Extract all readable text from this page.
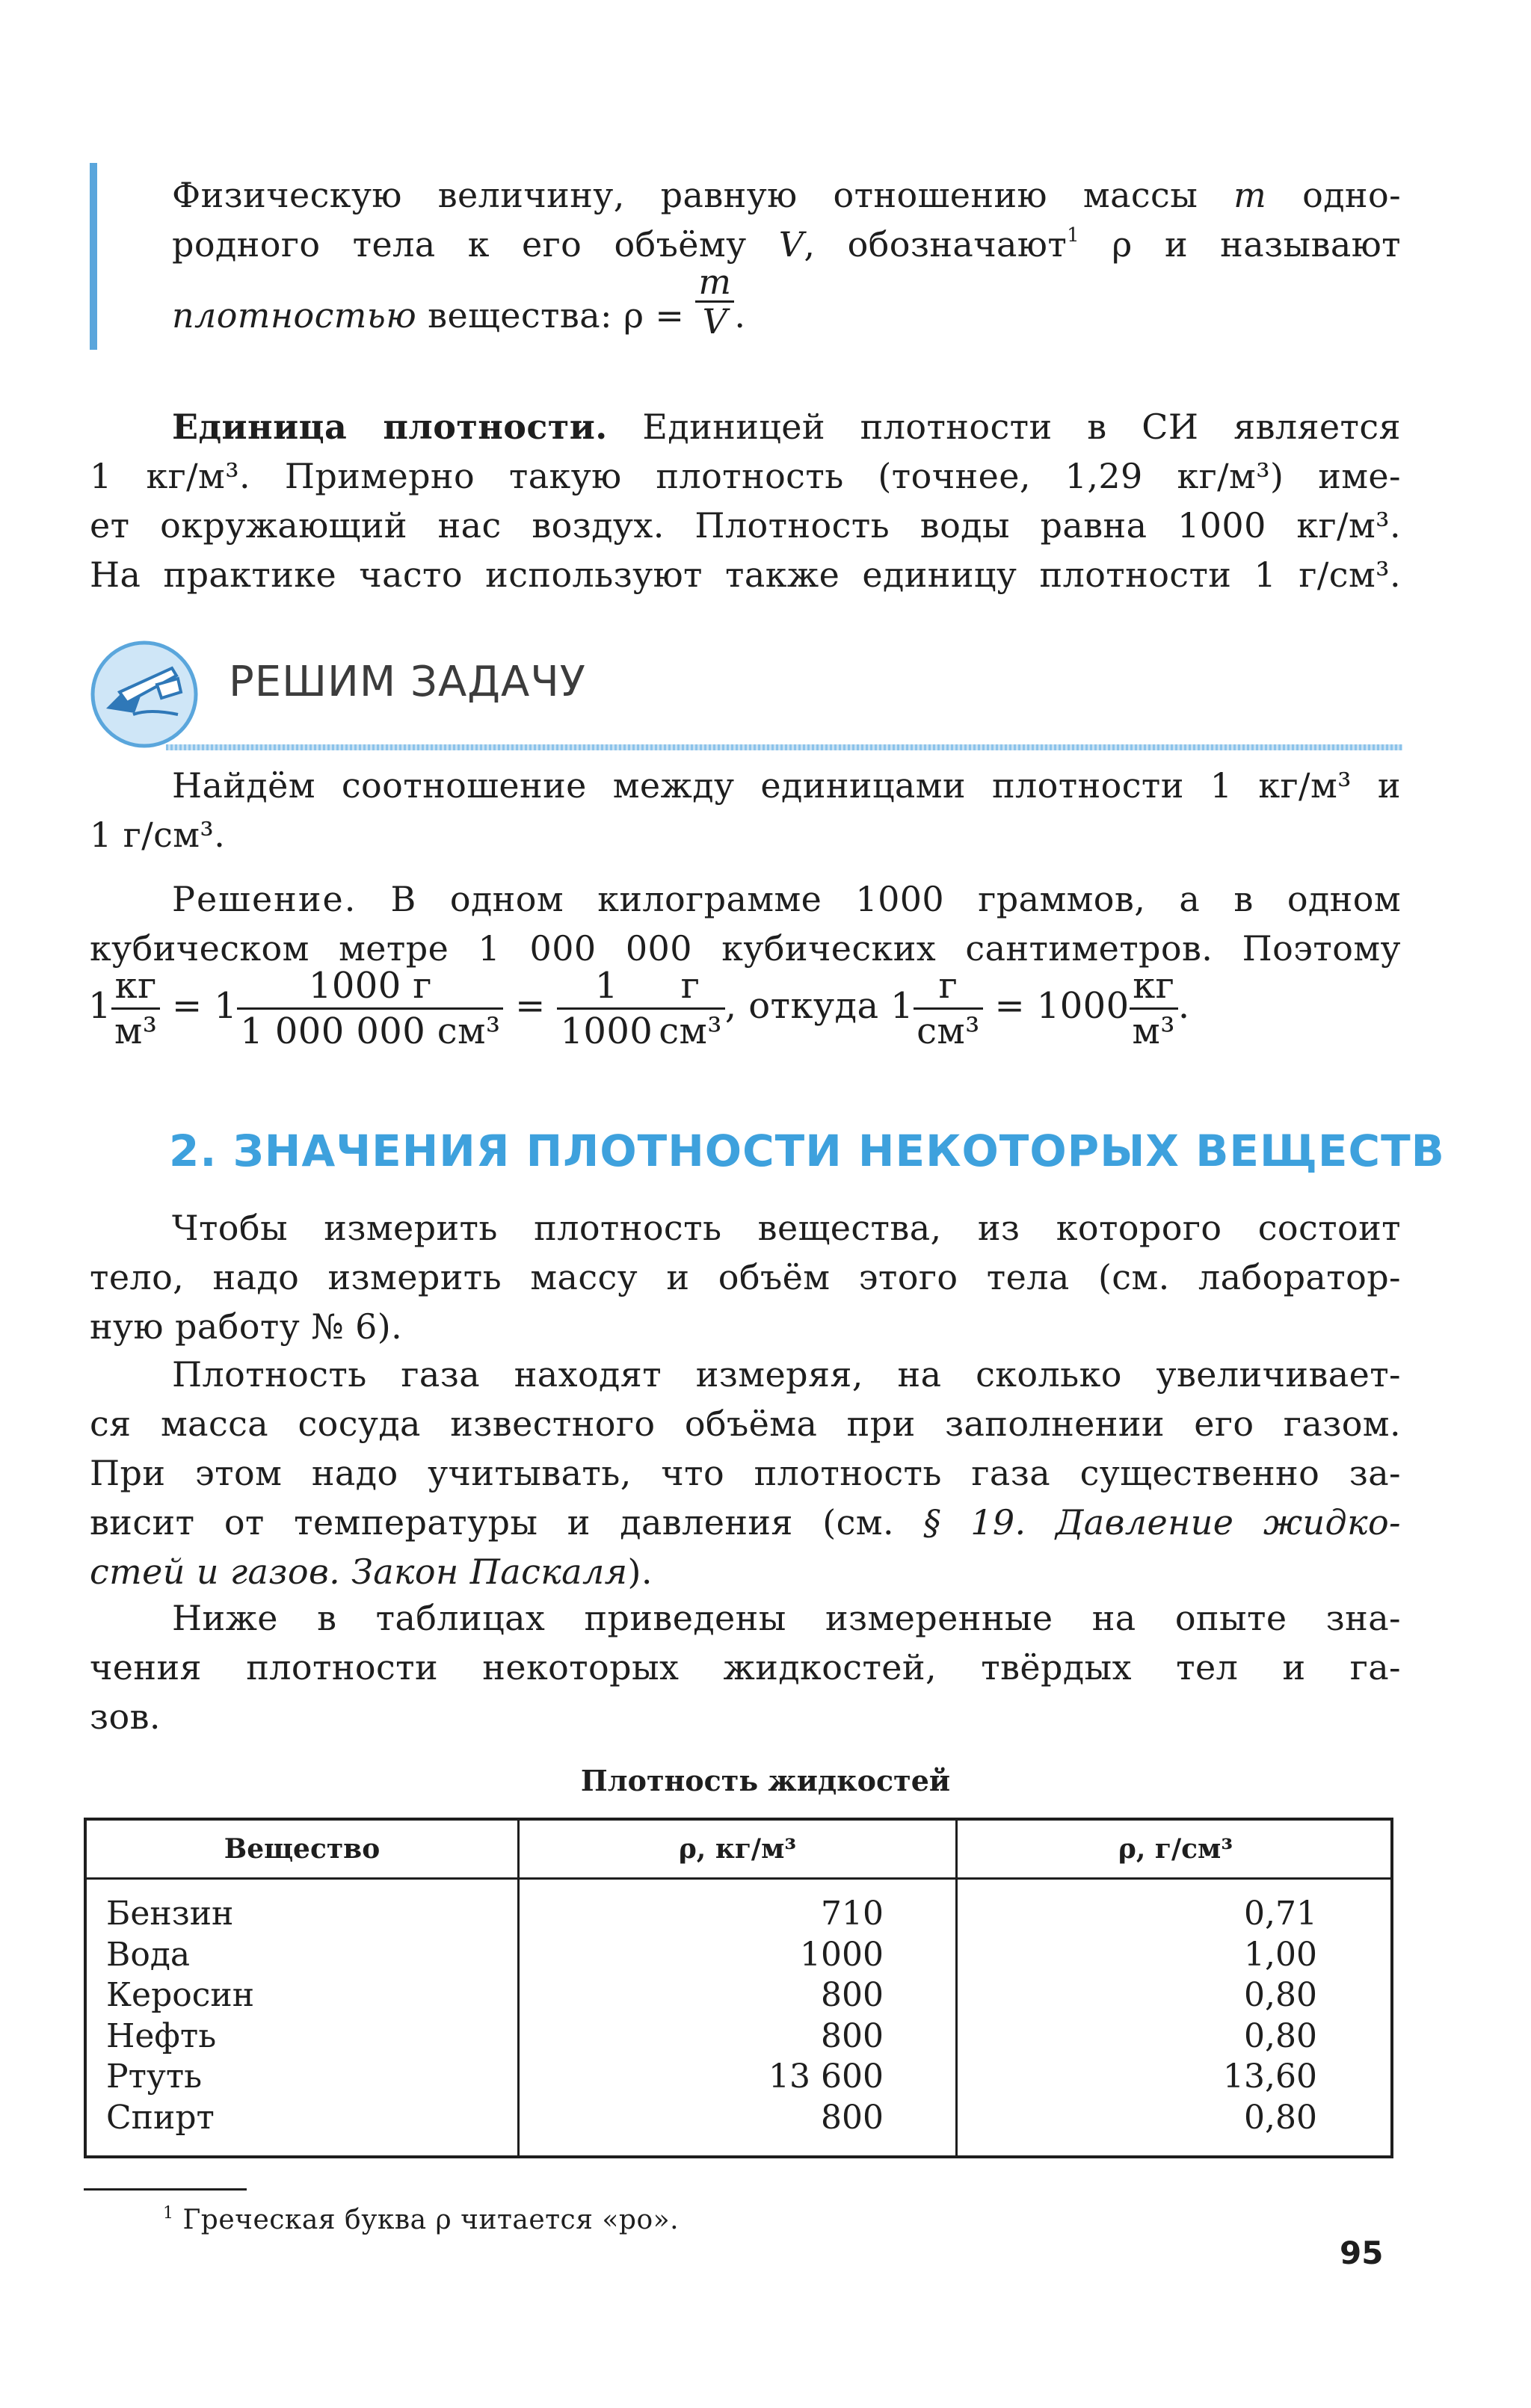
Физическую величину, равную отношению массы m одно-
родного тела к его объёму V, обозначают$^1$ ρ и называют
плотностью вещества: $\rho = \frac{m}{V}$ .
Единица плотности. Единицей плотности в СИ является
1 кг/м³. Примерно такую плотность (точнее, 1,29 кг/м³) име-
ет окружающий нас воздух. Плотность воды равна 1000 кг/м³.
На практике часто используют также единицу плотности 1 г/см³.
РЕШИМ ЗАДАЧУ
Найдём соотношение между единицами плотности 1 кг/м³ и
1 г/см³.
Решение. В одном килограмме 1000 граммов, а в одном
кубическом метре 1 000 000 кубических сантиметров. Поэтому
$1 \frac{кг}{\text{м³}} = 1 \frac{1000 г}{\text{1 000 000 см³}} = \frac{1}{1000} \frac{г}{\text{см³}}$ , откуда $1 \frac{г}{\text{см³}} = 1000 \frac{кг}{\text{м³}}$ .
2. ЗНАЧЕНИЯ ПЛОТНОСТИ НЕКОТОРЫХ ВЕЩЕСТВ
Чтобы измерить плотность вещества, из которого состоит
тело, надо измерить массу и объём этого тела (см. лаборатор-
ную работу № 6).
Плотность газа находят измеряя, на сколько увеличивает-
ся масса сосуда известного объёма при заполнении его газом.
При этом надо учитывать, что плотность газа существенно за-
висит от температуры и давления (см. § 19. Давление жидко-
стей и газов. Закон Паскаля).
Ниже в таблицах приведены измеренные на опыте зна-
чения плотности некоторых жидкостей, твёрдых тел и га-
зов.
Плотность жидкостей
Вещество	ρ, кг/м³	ρ, г/см³
Бензин
Вода
Керосин
Нефть
Ртуть
Спирт
710
1000
800
800
13 600
800
0,71
1,00
0,80
0,80
13,60
0,80
$^1$ Греческая буква ρ читается «ро».
95
